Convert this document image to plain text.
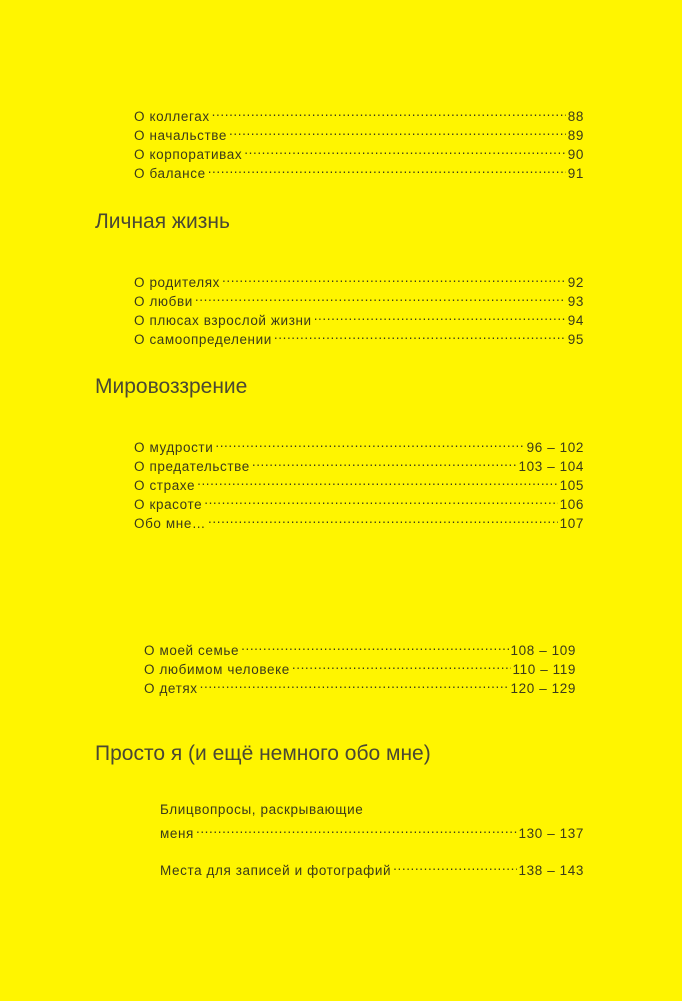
О коллегах .....	88
О начальстве .....	89
О корпоративах .....	90
О балансе .....	91
Личная жизнь
О родителях .....	92
О любви .....	93
О плюсах взрослой жизни .....	94
О самоопределении .....	95
Мировоззрение
О мудрости .....	96 – 102
О предательстве .....	103 – 104
О страхе .....	105
О красоте .....	106
Обо мне… .....	107
О моей семье .....	108 – 109
О любимом человеке .....	110 – 119
О детях .....	120 – 129
Просто я (и ещё немного обо мне)
Блицвопросы, раскрывающие
меня .....	130 – 137
Места для записей и фотографий .....	138 – 143
